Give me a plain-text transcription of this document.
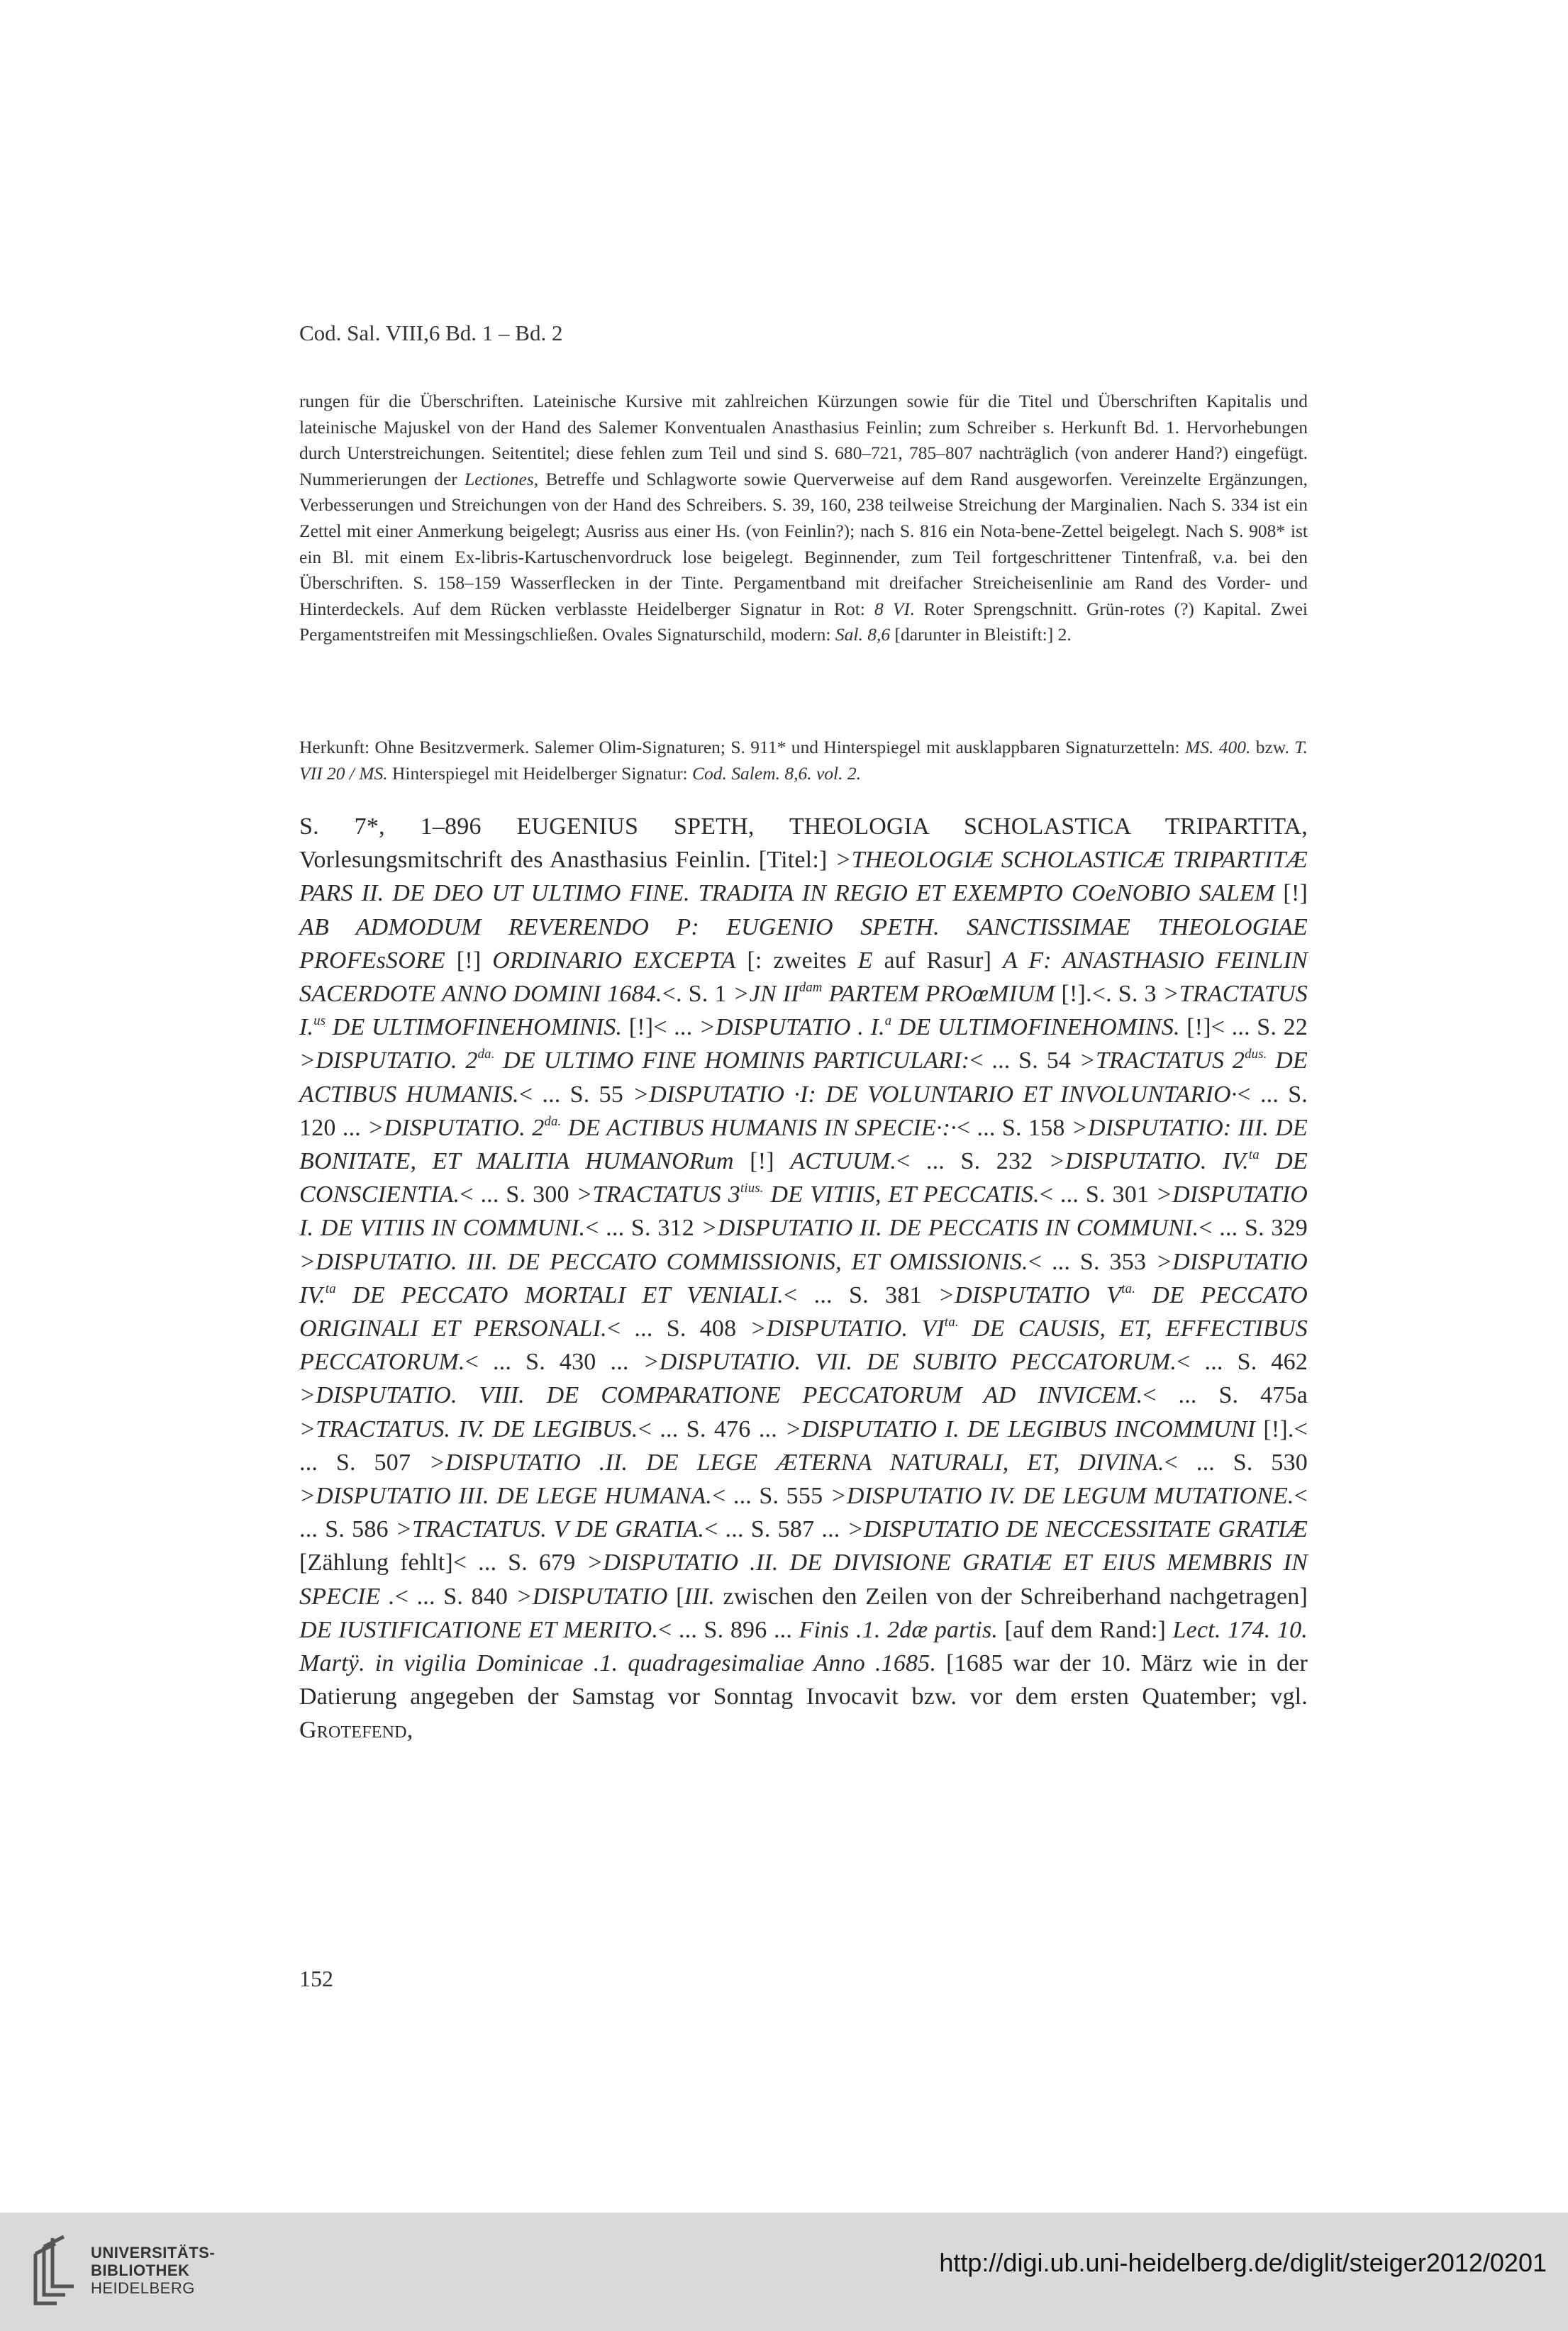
Cod. Sal. VIII,6 Bd. 1 – Bd. 2
rungen für die Überschriften. Lateinische Kursive mit zahlreichen Kürzungen sowie für die Titel und Überschriften Kapitalis und lateinische Majuskel von der Hand des Salemer Konventualen Anasthasius Feinlin; zum Schreiber s. Herkunft Bd. 1. Hervorhebungen durch Unterstreichungen. Seitentitel; diese fehlen zum Teil und sind S. 680–721, 785–807 nachträglich (von anderer Hand?) eingefügt. Nummerierungen der Lectiones, Betreffe und Schlagworte sowie Querverweise auf dem Rand ausgeworfen. Vereinzelte Ergänzungen, Verbesserungen und Streichungen von der Hand des Schreibers. S. 39, 160, 238 teilweise Streichung der Marginalien. Nach S. 334 ist ein Zettel mit einer Anmerkung beigelegt; Ausriss aus einer Hs. (von Feinlin?); nach S. 816 ein Nota-bene-Zettel beigelegt. Nach S. 908* ist ein Bl. mit einem Ex-libris-Kartuschenvordruck lose beigelegt. Beginnender, zum Teil fortgeschrittener Tintenfraß, v.a. bei den Überschriften. S. 158–159 Wasserflecken in der Tinte. Pergamentband mit dreifacher Streicheisenlinie am Rand des Vorder- und Hinterdeckels. Auf dem Rücken verblasste Heidelberger Signatur in Rot: 8 VI. Roter Sprengschnitt. Grün-rotes (?) Kapital. Zwei Pergamentstreifen mit Messingschließen. Ovales Signaturschild, modern: Sal. 8,6 [darunter in Bleistift:] 2.
Herkunft: Ohne Besitzvermerk. Salemer Olim-Signaturen; S. 911* und Hinterspiegel mit ausklappbaren Signaturzetteln: MS. 400. bzw. T. VII 20 / MS. Hinterspiegel mit Heidelberger Signatur: Cod. Salem. 8,6. vol. 2.
S. 7*, 1–896 EUGENIUS SPETH, THEOLOGIA SCHOLASTICA TRIPARTITA, Vorlesungsmitschrift des Anasthasius Feinlin. [Titel:] >THEOLOGIÆ SCHOLASTICÆ TRIPARTITÆ PARS II. DE DEO UT ULTIMO FINE. TRADITA IN REGIO ET EXEMPTO COeNOBIO SALEM [!] AB ADMODUM REVERENDO P: EUGENIO SPETH. SANCTISSIMAE THEOLOGIAE PROFEsSORE [!] ORDINARIO EXCEPTA [: zweites E auf Rasur] A F: ANASTHASIO FEINLIN SACERDOTE ANNO DOMINI 1684.<. S. 1 >JN $II^{dam}$ PARTEM PROœMIUM [!].<. S. 3 >TRACTATUS I.$^{us}$ DE ULTIMOFINEHOMINIS. [!]< ... >DISPUTATIO . I.$^a$ DE ULTIMOFINEHOMINS. [!]< ... S. 22 >DISPUTATIO. $2^{da.}$ DE ULTIMO FINE HOMINIS PARTICULARI:< ... S. 54 >TRACTATUS $2^{dus.}$ DE ACTIBUS HUMANIS.< ... S. 55 >DISPUTATIO ·I: DE VOLUNTARIO ET INVOLUNTARIO·< ... S. 120 ... >DISPUTATIO. $2^{da.}$ DE ACTIBUS HUMANIS IN SPECIE·:·< ... S. 158 >DISPUTATIO: III. DE BONITATE, ET MALITIA HUMANORum [!] ACTUUM.< ... S. 232 >DISPUTATIO. IV.$^{ta}$ DE CONSCIENTIA.< ... S. 300 >TRACTATUS $3^{tius.}$ DE VITIIS, ET PECCATIS.< ... S. 301 >DISPUTATIO I. DE VITIIS IN COMMUNI.< ... S. 312 >DISPUTATIO II. DE PECCATIS IN COMMUNI.< ... S. 329 >DISPUTATIO. III. DE PECCATO COMMISSIONIS, ET OMISSIONIS.< ... S. 353 >DISPUTATIO IV.$^{ta}$ DE PECCATO MORTALI ET VENIALI.< ... S. 381 >DISPUTATIO $V^{ta.}$ DE PECCATO ORIGINALI ET PERSONALI.< ... S. 408 >DISPUTATIO. $VI^{ta.}$ DE CAUSIS, ET, EFFECTIBUS PECCATORUM.< ... S. 430 ... >DISPUTATIO. VII. DE SUBITO PECCATORUM.< ... S. 462 >DISPUTATIO. VIII. DE COMPARATIONE PECCATORUM AD INVICEM.< ... S. 475a >TRACTATUS. IV. DE LEGIBUS.< ... S. 476 ... >DISPUTATIO I. DE LEGIBUS INCOMMUNI [!].< ... S. 507 >DISPUTATIO .II. DE LEGE ÆTERNA NATURALI, ET, DIVINA.< ... S. 530 >DISPUTATIO III. DE LEGE HUMANA.< ... S. 555 >DISPUTATIO IV. DE LEGUM MUTATIONE.< ... S. 586 >TRACTATUS. V DE GRATIA.< ... S. 587 ... >DISPUTATIO DE NECCESSITATE GRATIÆ [Zählung fehlt]< ... S. 679 >DISPUTATIO .II. DE DIVISIONE GRATIÆ ET EIUS MEMBRIS IN SPECIE .< ... S. 840 >DISPUTATIO [III. zwischen den Zeilen von der Schreiberhand nachgetragen] DE IUSTIFICATIONE ET MERITO.< ... S. 896 ... Finis .1. 2dæ partis. [auf dem Rand:] Lect. 174. 10. Martÿ. in vigilia Dominicae .1. quadragesimaliae Anno .1685. [1685 war der 10. März wie in der Datierung angegeben der Samstag vor Sonntag Invocavit bzw. vor dem ersten Quatember; vgl. Grotefend,
152
UNIVERSITÄTS-
BIBLIOTHEK
HEIDELBERG
http://digi.ub.uni-heidelberg.de/diglit/steiger2012/0201
